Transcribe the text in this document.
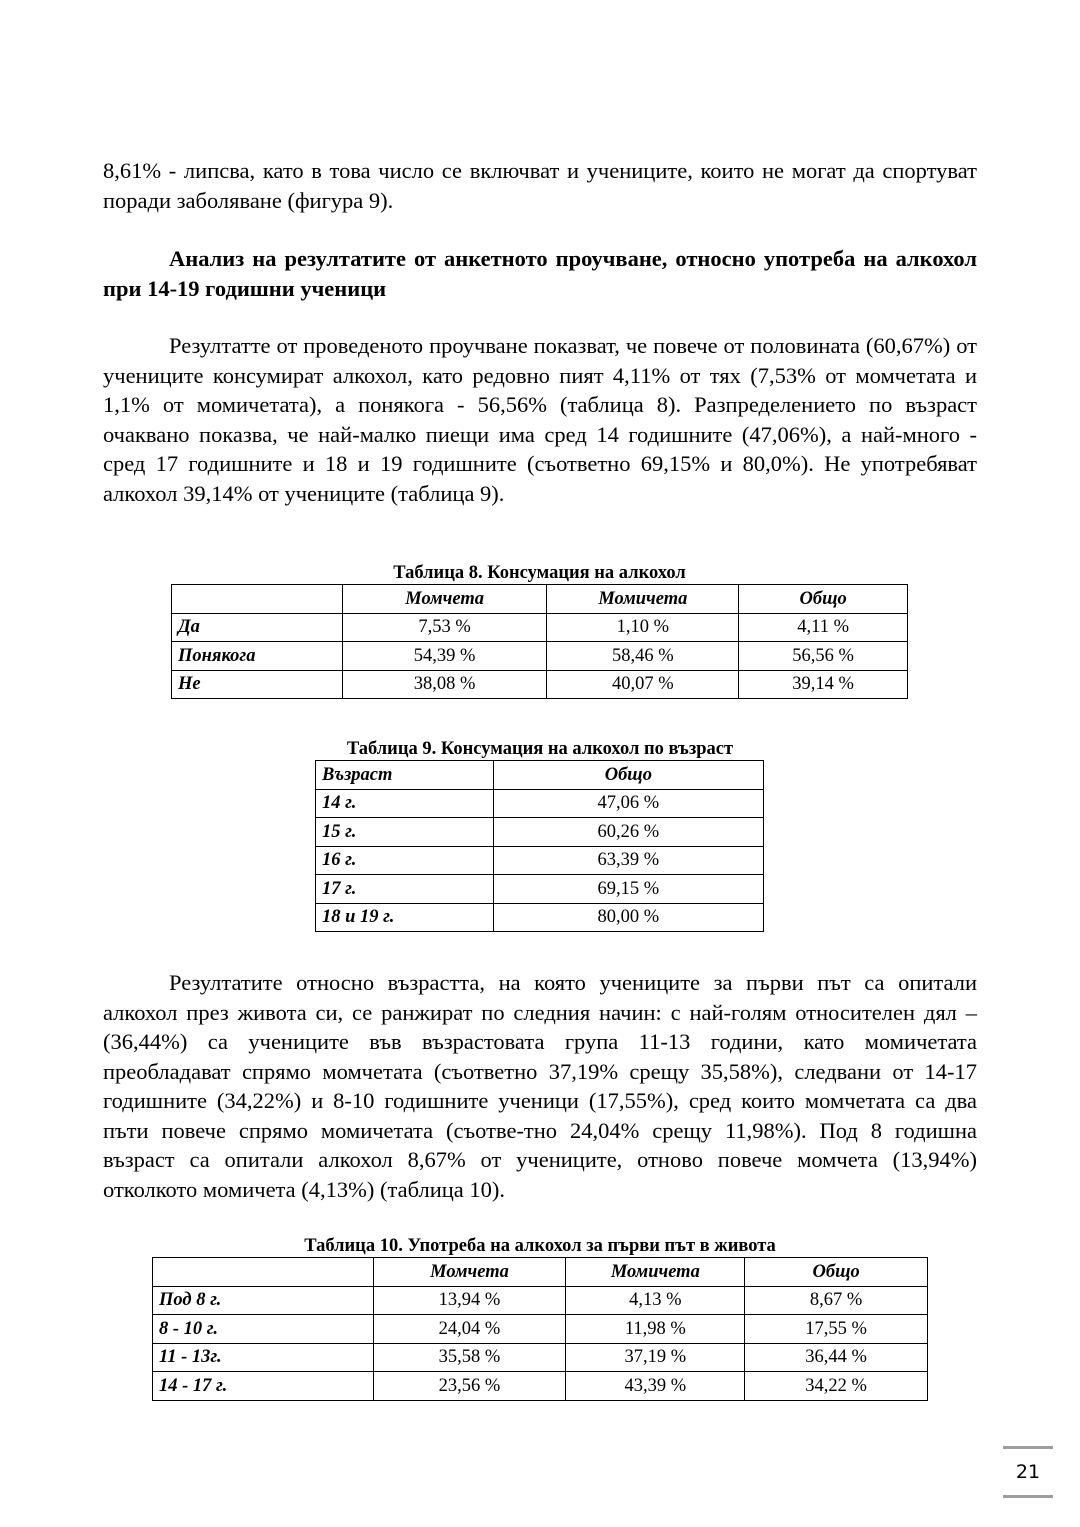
8,61% - липсва, като в това число се включват и учениците, които не могат да спортуват поради заболяване (фигура 9).

Анализ на резултатите от анкетното проучване, относно употреба на алкохол при 14-19 годишни ученици

Резултатте от проведеното проучване показват, че повече от половината (60,67%) от учениците консумират алкохол, като редовно пият 4,11% от тях (7,53% от момчетата и 1,1% от момичетата), а понякога - 56,56% (таблица 8). Разпределението по възраст очаквано показва, че най-малко пиещи има сред 14 годишните (47,06%), а най-много - сред 17 годишните и 18 и 19 годишните (съответно 69,15% и 80,0%). Не употребяват алкохол 39,14% от учениците (таблица 9).

Таблица 8. Консумация на алкохол

	Момчета	Момичета	Общо
Да	7,53 %	1,10 %	4,11 %
Понякога	54,39 %	58,46 %	56,56 %
Не	38,08 %	40,07 %	39,14 %

Таблица 9. Консумация на алкохол по възраст

Възраст	Общо
14 г.	47,06 %
15 г.	60,26 %
16 г.	63,39 %
17 г.	69,15 %
18 и 19 г.	80,00 %

Резултатите относно възрастта, на която учениците за първи път са опитали алкохол през живота си, се ранжират по следния начин: с най-голям относителен дял – (36,44%) са учениците във възрастовата група 11-13 години, като момичетата преобладават спрямо момчетата (съответно 37,19% срещу 35,58%), следвани от 14-17 годишните (34,22%) и 8-10 годишните ученици (17,55%), сред които момчетата са два пъти повече спрямо момичетата (съотве-тно 24,04% срещу 11,98%). Под 8 годишна възраст са опитали алкохол 8,67% от учениците, отново повече момчета (13,94%) отколкото момичета (4,13%) (таблица 10).

Таблица 10. Употреба на алкохол за първи път в живота

	Момчета	Момичета	Общо
Под 8 г.	13,94 %	4,13 %	8,67 %
8 - 10 г.	24,04 %	11,98 %	17,55 %
11 - 13г.	35,58 %	37,19 %	36,44 %
14 - 17 г.	23,56 %	43,39 %	34,22 %
21
